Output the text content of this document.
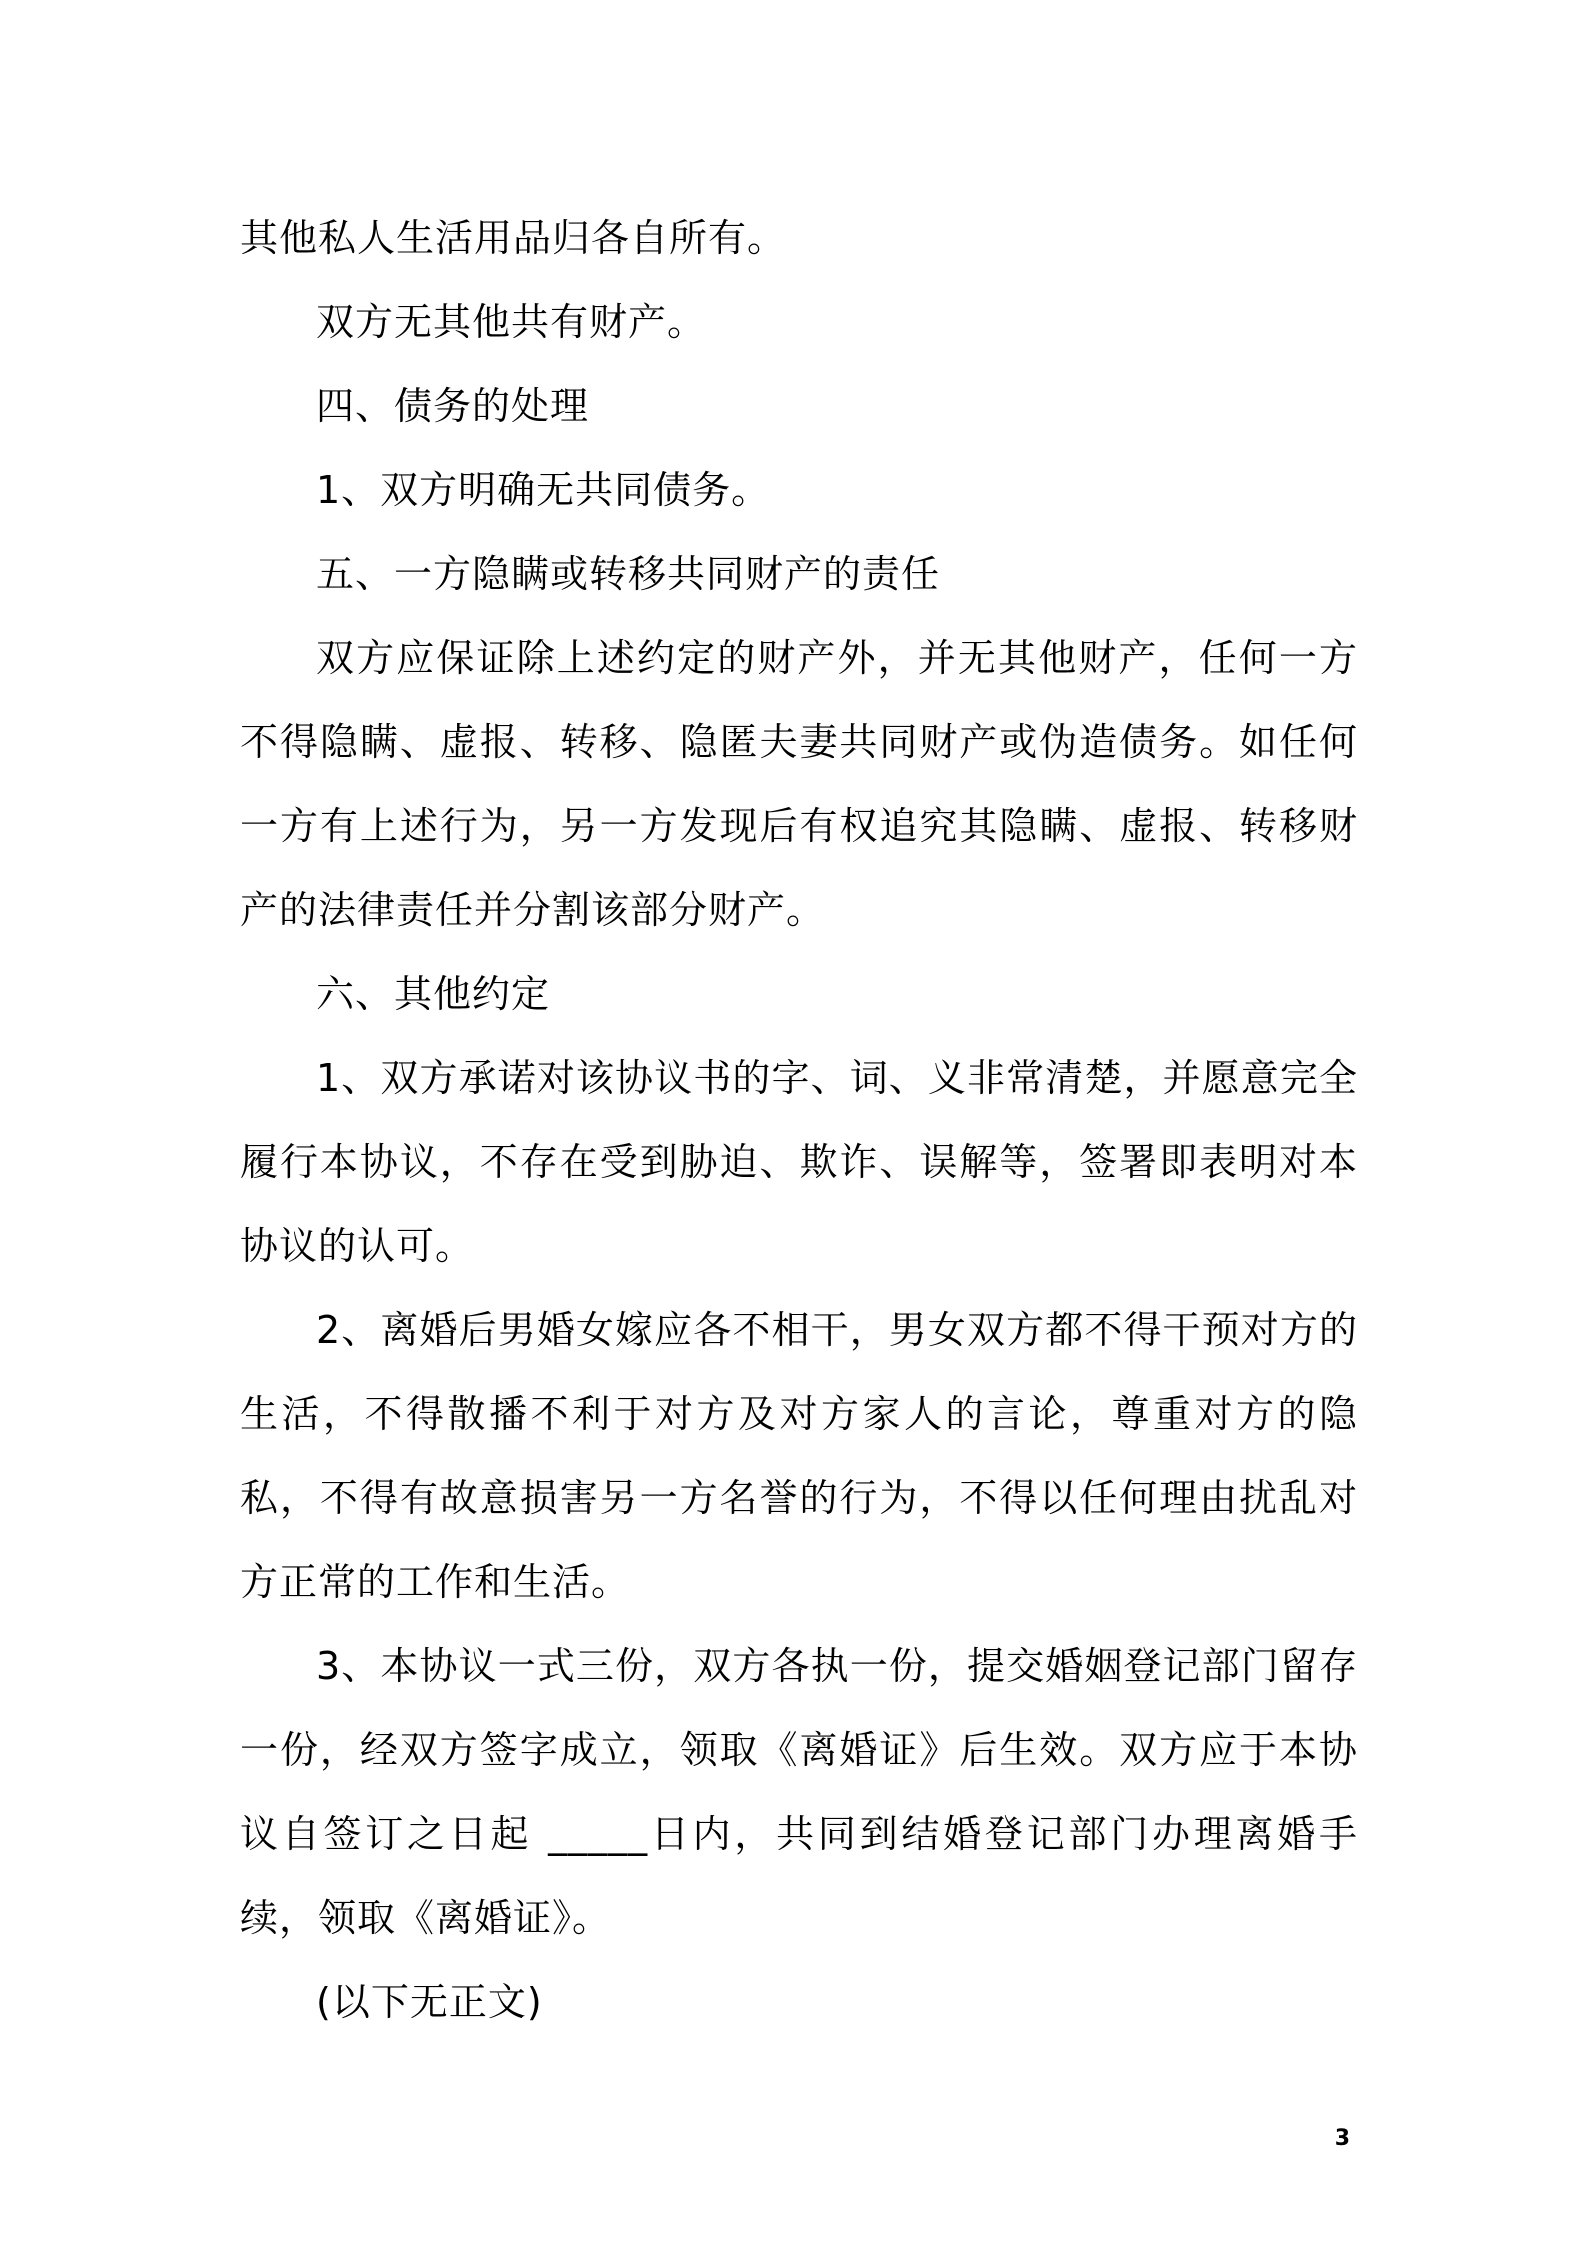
其他私人生活用品归各自所有。

双方无其他共有财产。

四、债务的处理

1、双方明确无共同债务。

五、一方隐瞒或转移共同财产的责任

双方应保证除上述约定的财产外，并无其他财产，任何一方不得隐瞒、虚报、转移、隐匿夫妻共同财产或伪造债务。如任何一方有上述行为，另一方发现后有权追究其隐瞒、虚报、转移财产的法律责任并分割该部分财产。

六、其他约定

1、双方承诺对该协议书的字、词、义非常清楚，并愿意完全履行本协议，不存在受到胁迫、欺诈、误解等，签署即表明对本协议的认可。

2、离婚后男婚女嫁应各不相干，男女双方都不得干预对方的生活，不得散播不利于对方及对方家人的言论，尊重对方的隐私，不得有故意损害另一方名誉的行为，不得以任何理由扰乱对方正常的工作和生活。

3、本协议一式三份，双方各执一份，提交婚姻登记部门留存一份，经双方签字成立，领取《离婚证》后生效。双方应于本协议自签订之日起 _____日内，共同到结婚登记部门办理离婚手续，领取《离婚证》。

(以下无正文)

3
